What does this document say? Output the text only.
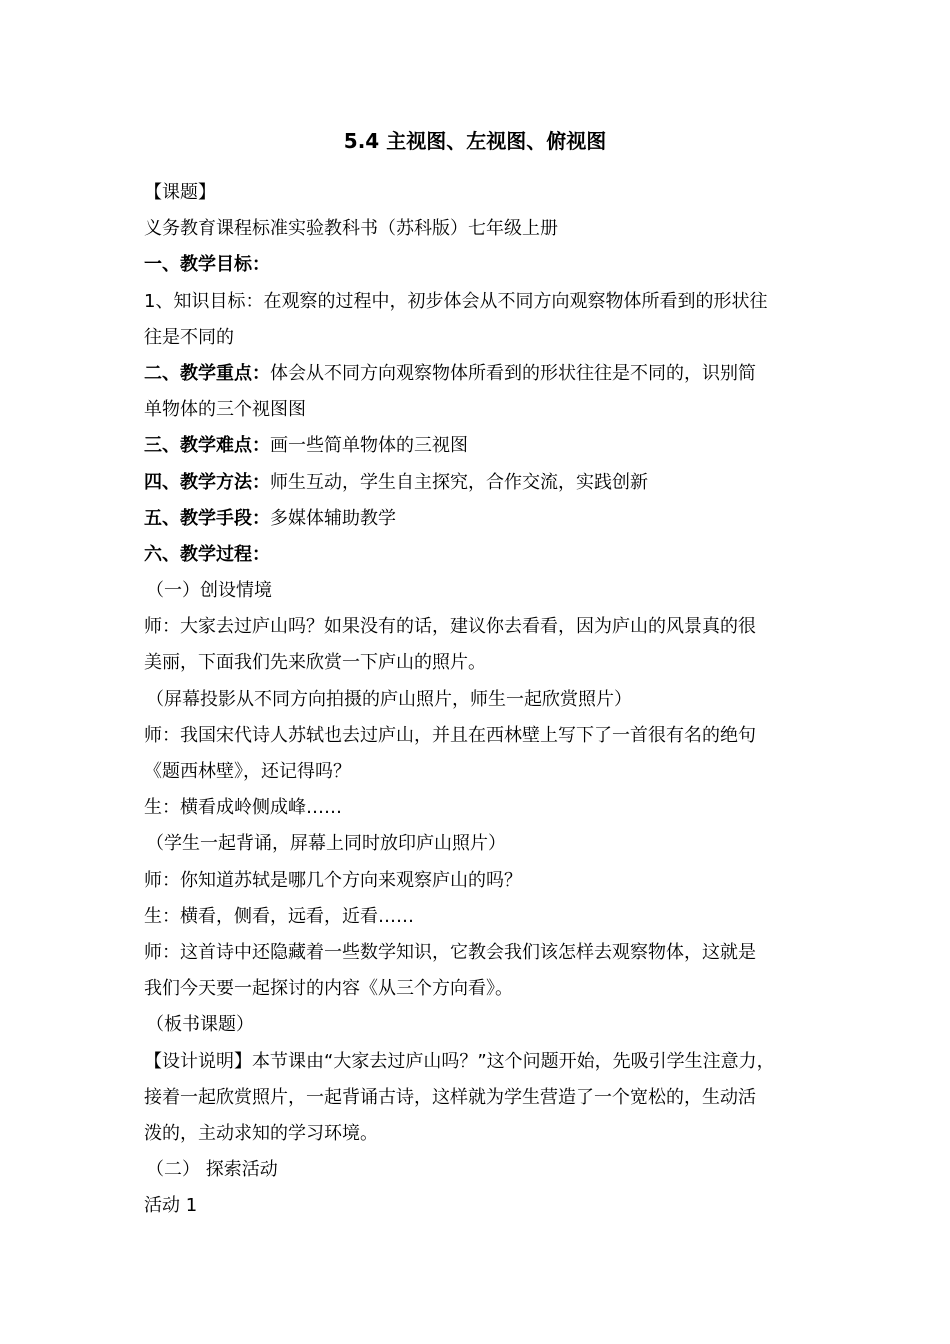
5.4 主视图、左视图、俯视图
【课题】
义务教育课程标准实验教科书（苏科版）七年级上册
一、教学目标：
1、知识目标：在观察的过程中，初步体会从不同方向观察物体所看到的形状往
往是不同的
二、教学重点：体会从不同方向观察物体所看到的形状往往是不同的，识别简
单物体的三个视图图
三、教学难点：画一些简单物体的三视图
四、教学方法：师生互动，学生自主探究，合作交流，实践创新
五、教学手段：多媒体辅助教学
六、教学过程：
（一）创设情境
师：大家去过庐山吗？如果没有的话，建议你去看看，因为庐山的风景真的很
美丽，下面我们先来欣赏一下庐山的照片。
（屏幕投影从不同方向拍摄的庐山照片，师生一起欣赏照片）
师：我国宋代诗人苏轼也去过庐山，并且在西林壁上写下了一首很有名的绝句
《题西林壁》，还记得吗？
生：横看成岭侧成峰……
（学生一起背诵，屏幕上同时放印庐山照片）
师：你知道苏轼是哪几个方向来观察庐山的吗？
生：横看，侧看，远看，近看……
师：这首诗中还隐藏着一些数学知识，它教会我们该怎样去观察物体，这就是
我们今天要一起探讨的内容《从三个方向看》。
（板书课题）
【设计说明】本节课由“大家去过庐山吗？”这个问题开始，先吸引学生注意力，
接着一起欣赏照片，一起背诵古诗，这样就为学生营造了一个宽松的，生动活
泼的，主动求知的学习环境。
（二） 探索活动
活动 1
